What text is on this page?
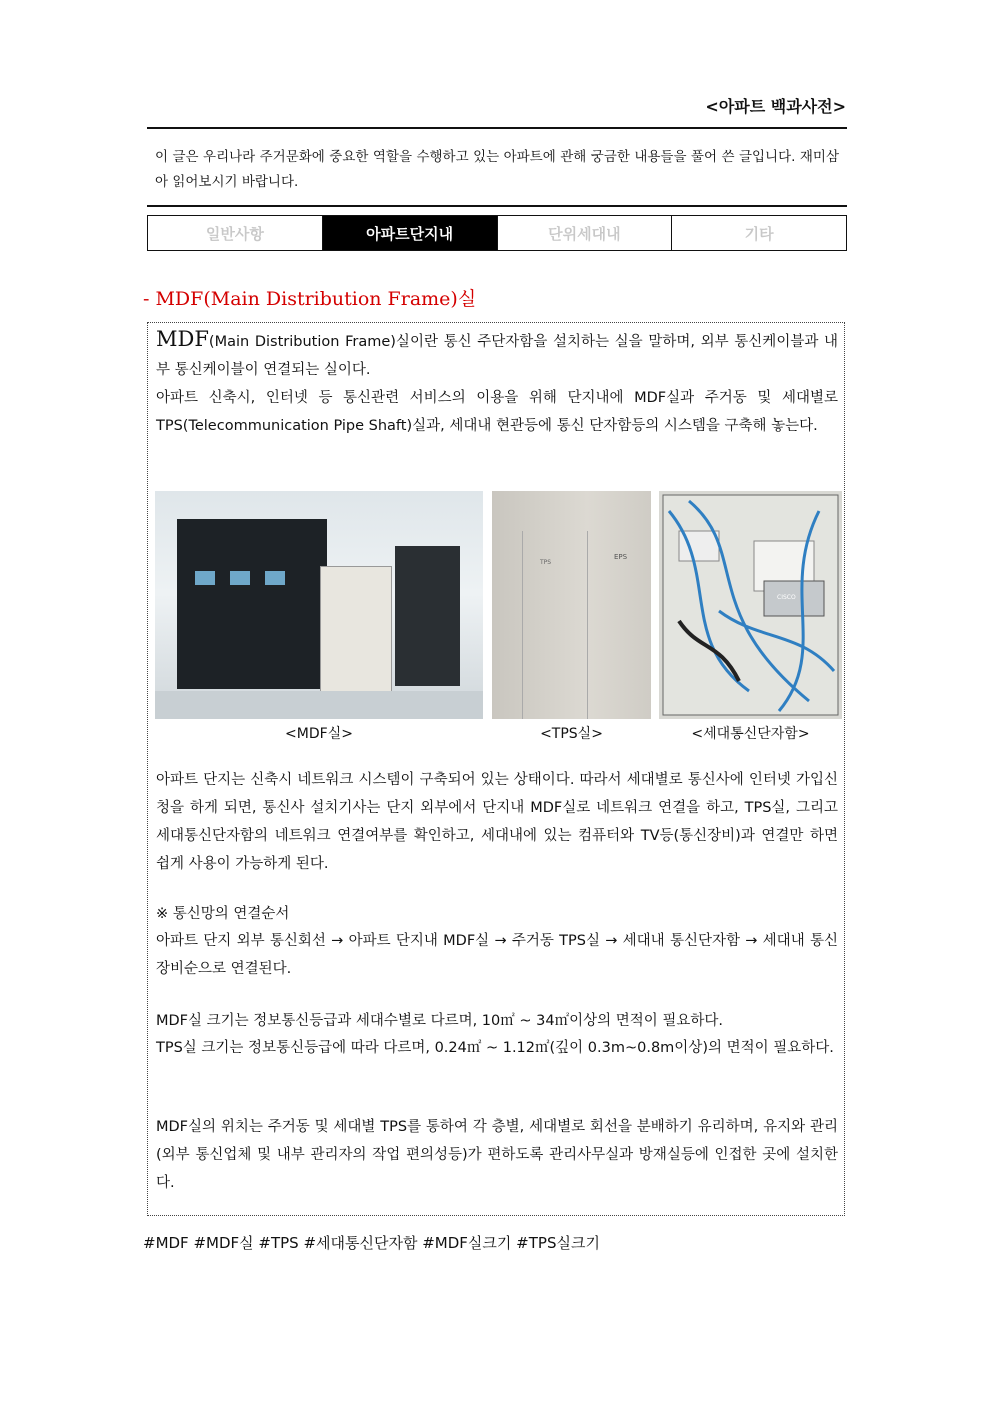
<아파트 백과사전>
이 글은 우리나라 주거문화에 중요한 역할을 수행하고 있는 아파트에 관해 궁금한 내용들을 풀어 쓴 글입니다. 재미삼아 읽어보시기 바랍니다.
일반사항	아파트단지내	단위세대내	기타
- MDF(Main Distribution Frame)실
MDF(Main Distribution Frame)실이란 통신 주단자함을 설치하는 실을 말하며, 외부 통신케이블과 내부 통신케이블이 연결되는 실이다.
아파트 신축시, 인터넷 등 통신관련 서비스의 이용을 위해 단지내에 MDF실과 주거동 및 세대별로 TPS(Telecommunication Pipe Shaft)실과, 세대내 현관등에 통신 단자함등의 시스템을 구축해 놓는다.
TPS
EPS
CISCO
<MDF실>	<TPS실>	<세대통신단자함>
아파트 단지는 신축시 네트워크 시스템이 구축되어 있는 상태이다. 따라서 세대별로 통신사에 인터넷 가입신청을 하게 되면, 통신사 설치기사는 단지 외부에서 단지내 MDF실로 네트워크 연결을 하고, TPS실, 그리고 세대통신단자함의 네트워크 연결여부를 확인하고, 세대내에 있는 컴퓨터와 TV등(통신장비)과 연결만 하면 쉽게 사용이 가능하게 된다.
※ 통신망의 연결순서
아파트 단지 외부 통신회선 → 아파트 단지내 MDF실 → 주거동 TPS실 → 세대내 통신단자함 → 세대내 통신장비순으로 연결된다.
MDF실 크기는 정보통신등급과 세대수별로 다르며, 10㎡ ~ 34㎡이상의 면적이 필요하다.
TPS실 크기는 정보통신등급에 따라 다르며, 0.24㎡ ~ 1.12㎡(깊이 0.3m~0.8m이상)의 면적이 필요하다.
MDF실의 위치는 주거동 및 세대별 TPS를 통하여 각 층별, 세대별로 회선을 분배하기 유리하며, 유지와 관리(외부 통신업체 및 내부 관리자의 작업 편의성등)가 편하도록 관리사무실과 방재실등에 인접한 곳에 설치한다.
#MDF #MDF실 #TPS #세대통신단자함 #MDF실크기 #TPS실크기
